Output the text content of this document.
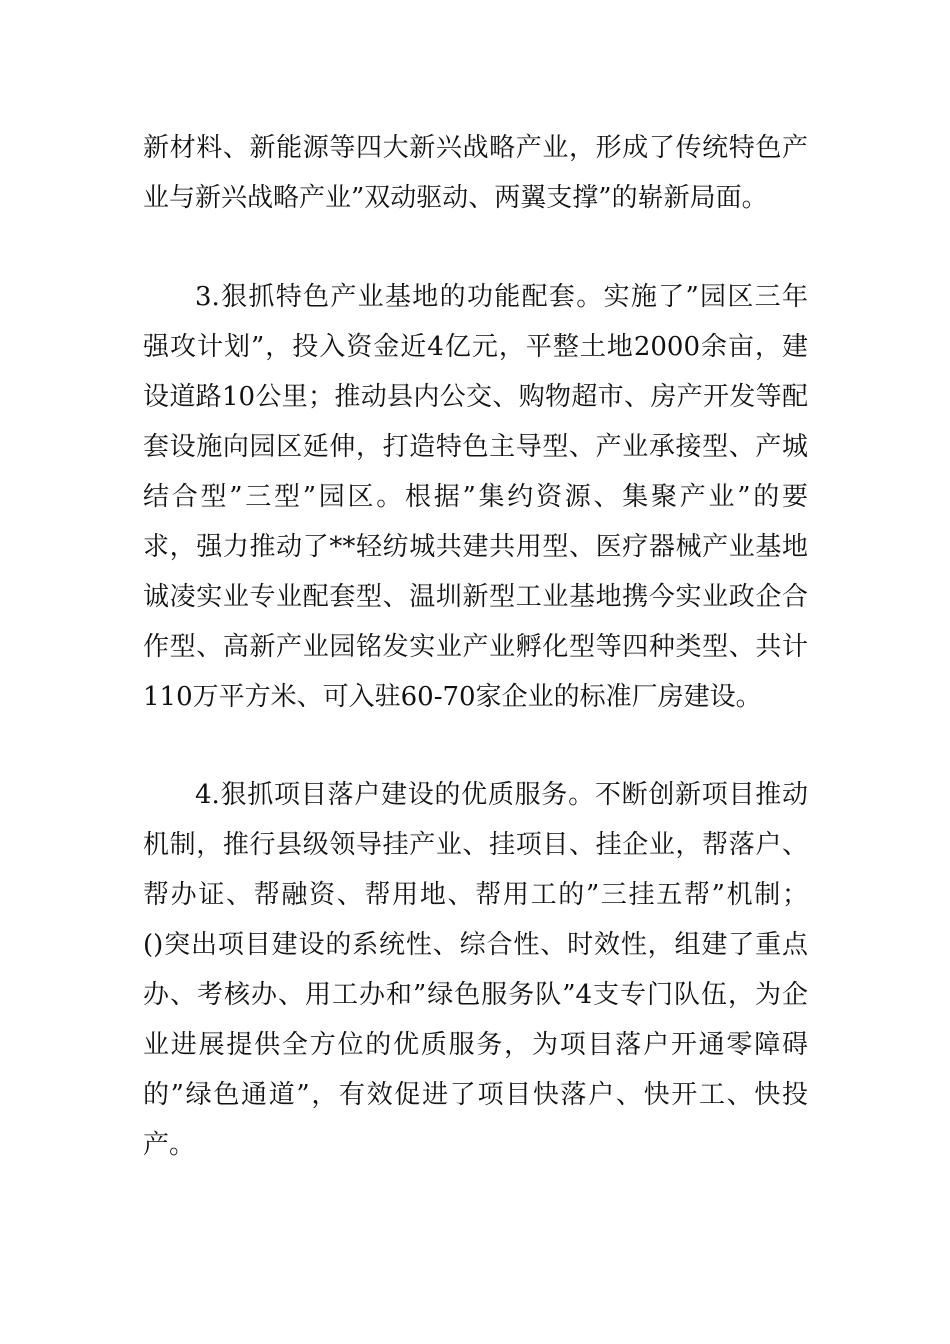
新材料、新能源等四大新兴战略产业，形成了传统特色产
业与新兴战略产业”双动驱动、两翼支撑”的崭新局面。
3.狠抓特色产业基地的功能配套。实施了”园区三年
强攻计划”，投入资金近4亿元，平整土地2000余亩，建
设道路10公里；推动县内公交、购物超市、房产开发等配
套设施向园区延伸，打造特色主导型、产业承接型、产城
结合型”三型”园区。根据”集约资源、集聚产业”的要
求，强力推动了**轻纺城共建共用型、医疗器械产业基地
诚凌实业专业配套型、温圳新型工业基地携今实业政企合
作型、高新产业园铭发实业产业孵化型等四种类型、共计
110万平方米、可入驻60-70家企业的标准厂房建设。
4.狠抓项目落户建设的优质服务。不断创新项目推动
机制，推行县级领导挂产业、挂项目、挂企业，帮落户、
帮办证、帮融资、帮用地、帮用工的”三挂五帮”机制；
()突出项目建设的系统性、综合性、时效性，组建了重点
办、考核办、用工办和”绿色服务队”4支专门队伍，为企
业进展提供全方位的优质服务，为项目落户开通零障碍
的”绿色通道”，有效促进了项目快落户、快开工、快投
产。
